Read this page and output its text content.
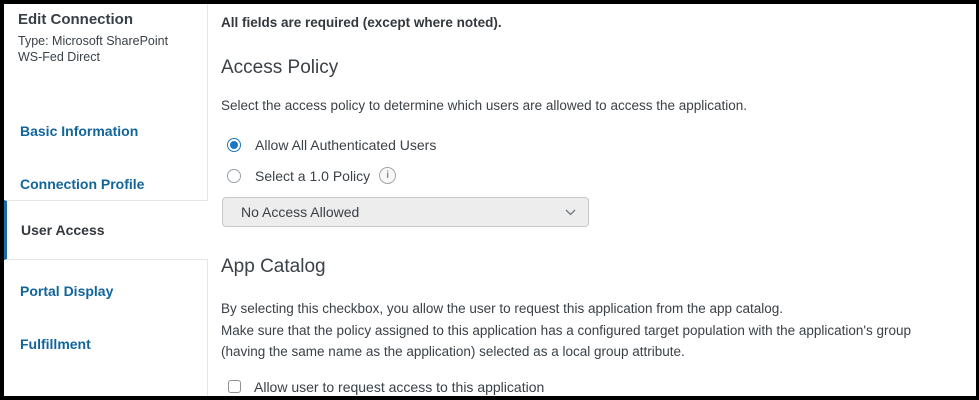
Edit Connection
Type: Microsoft SharePoint WS-Fed Direct
Basic Information
Connection Profile
User Access
Portal Display
Fulfillment
All fields are required (except where noted).
Access Policy

Select the access policy to determine which users are allowed to access the application.

Allow All Authenticated Users
Select a 1.0 Policy	i
No Access Allowed
App Catalog

By selecting this checkbox, you allow the user to request this application from the app catalog.
Make sure that the policy assigned to this application has a configured target population with the application's group (having the same name as the application) selected as a local group attribute.

Allow user to request access to this application
